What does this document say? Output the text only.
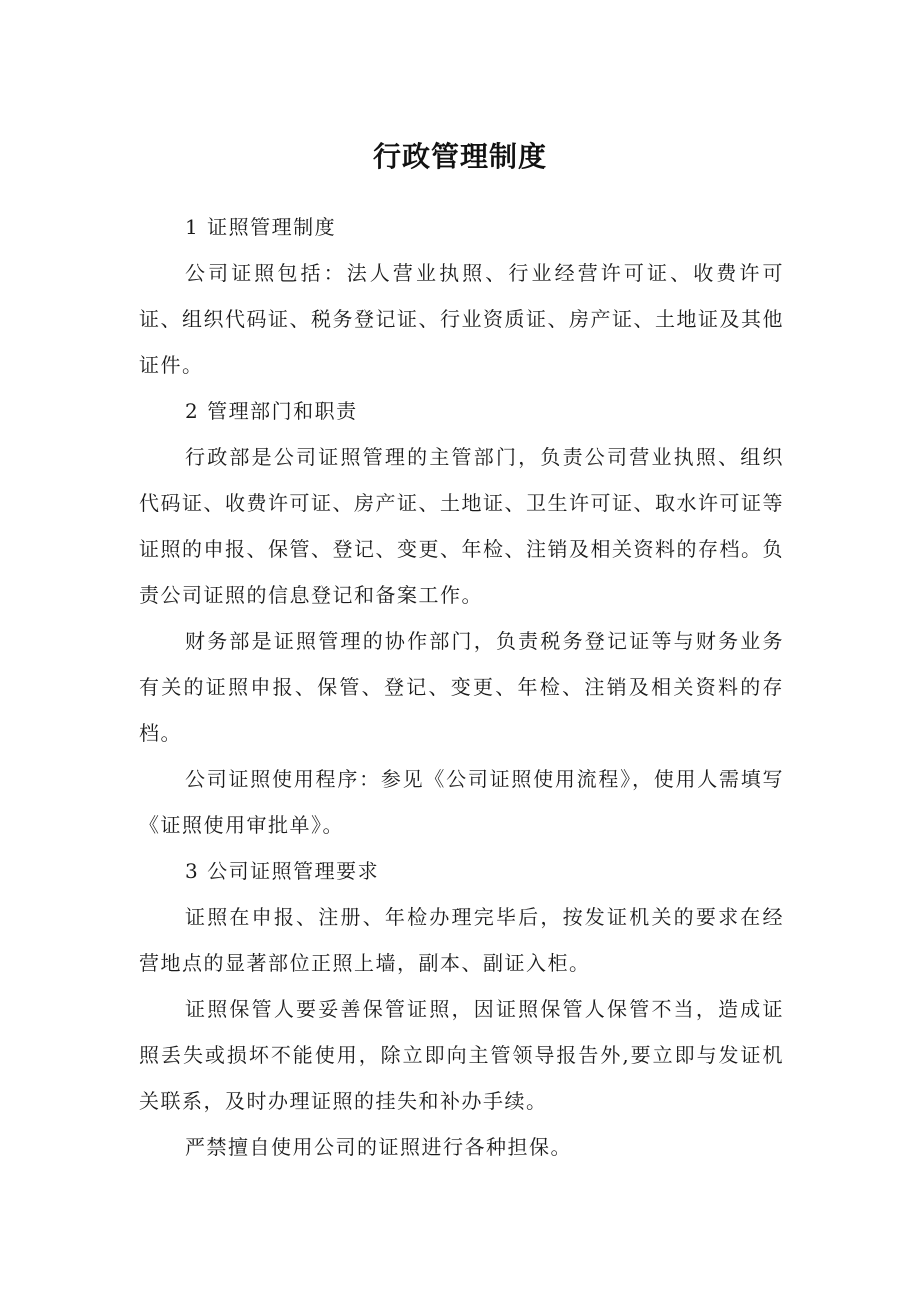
行政管理制度

1 证照管理制度

公司证照包括：法人营业执照、行业经营许可证、收费许可证、组织代码证、税务登记证、行业资质证、房产证、土地证及其他证件。

2 管理部门和职责

行政部是公司证照管理的主管部门，负责公司营业执照、组织代码证、收费许可证、房产证、土地证、卫生许可证、取水许可证等证照的申报、保管、登记、变更、年检、注销及相关资料的存档。负责公司证照的信息登记和备案工作。

财务部是证照管理的协作部门，负责税务登记证等与财务业务有关的证照申报、保管、登记、变更、年检、注销及相关资料的存档。

公司证照使用程序：参见《公司证照使用流程》，使用人需填写《证照使用审批单》。

3 公司证照管理要求

证照在申报、注册、年检办理完毕后，按发证机关的要求在经营地点的显著部位正照上墙，副本、副证入柜。

证照保管人要妥善保管证照，因证照保管人保管不当，造成证照丢失或损坏不能使用，除立即向主管领导报告外,要立即与发证机关联系，及时办理证照的挂失和补办手续。

严禁擅自使用公司的证照进行各种担保。
